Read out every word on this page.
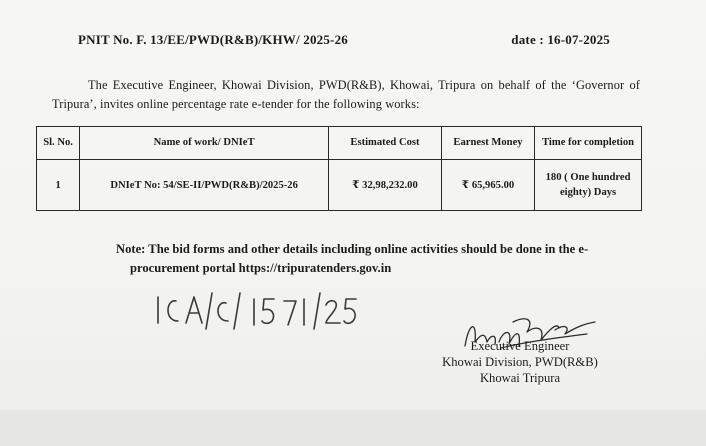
PNIT No. F. 13/EE/PWD(R&B)/KHW/ 2025-26	date : 16-07-2025
The Executive Engineer, Khowai Division, PWD(R&B), Khowai, Tripura on behalf of the ‘Governor of Tripura’, invites online percentage rate e-tender for the following works:
Sl. No.	Name of work/ DNIeT	Estimated Cost	Earnest Money	Time for completion
1	DNIeT No: 54/SE-II/PWD(R&B)/2025-26	₹ 32,98,232.00	₹ 65,965.00	180 ( One hundred eighty) Days
Note: The bid forms and other details including online activities should be done in the e-
procurement portal https://tripuratenders.gov.in
Executive Engineer
Khowai Division, PWD(R&B)
Khowai Tripura
